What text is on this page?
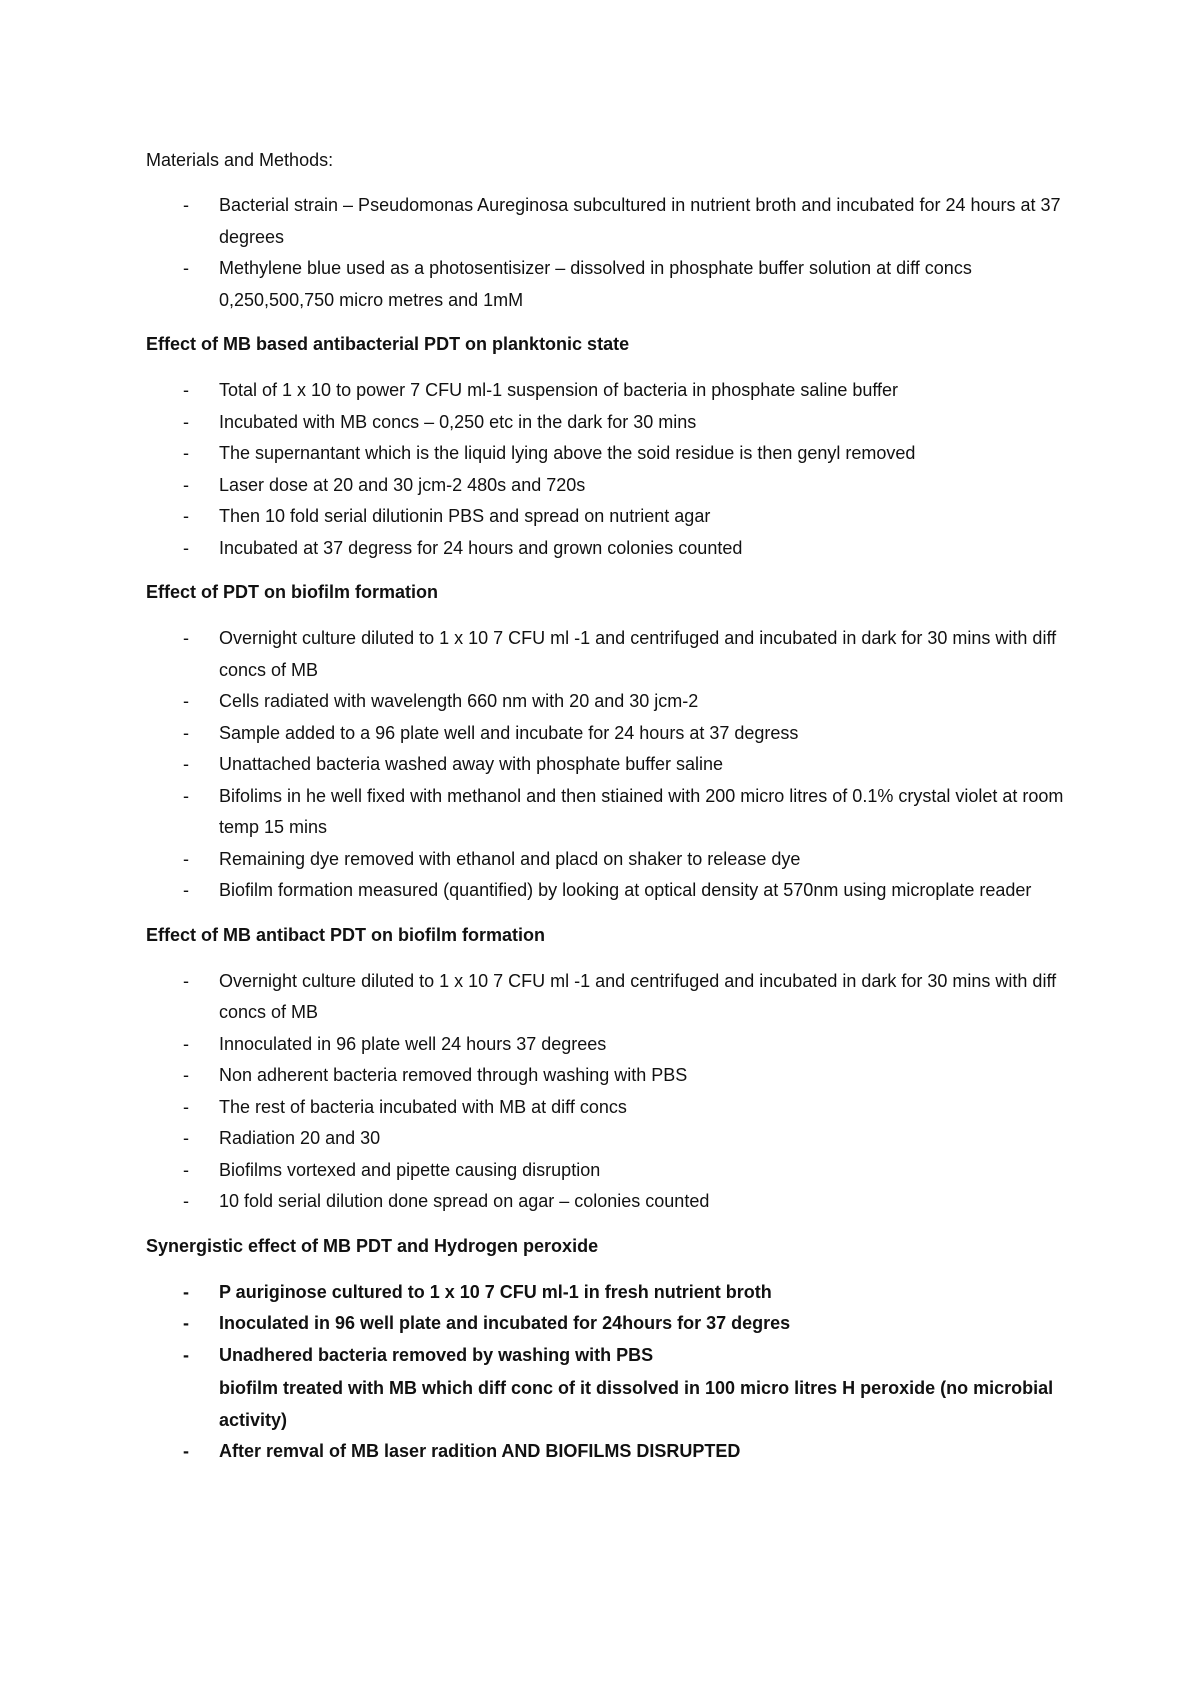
Materials and Methods:
- Bacterial strain – Pseudomonas Aureginosa subcultured in nutrient broth and incubated for 24 hours at 37 degrees
- Methylene blue used as a photosentisizer – dissolved in phosphate buffer solution at diff concs 0,250,500,750 micro metres and 1mM
Effect of MB based antibacterial PDT on planktonic state
- Total of 1 x 10 to power 7 CFU ml-1 suspension of bacteria in phosphate saline buffer
- Incubated with MB concs – 0,250 etc in the dark for 30 mins
- The supernantant which is the liquid lying above the soid residue is then genyl removed
- Laser dose at 20 and 30 jcm-2 480s and 720s
- Then 10 fold serial dilutionin PBS and spread on nutrient agar
- Incubated at 37 degress for 24 hours and grown colonies counted
Effect of PDT on biofilm formation
- Overnight culture diluted to 1 x 10 7 CFU ml -1 and centrifuged and incubated in dark for 30 mins with diff concs of MB
- Cells radiated with wavelength 660 nm with 20 and 30 jcm-2
- Sample added to a 96 plate well and incubate for 24 hours at 37 degress
- Unattached bacteria washed away with phosphate buffer saline
- Bifolims in he well fixed with methanol and then stiained with 200 micro litres of 0.1% crystal violet at room temp 15 mins
- Remaining dye removed with ethanol and placd on shaker to release dye
- Biofilm formation measured (quantified) by looking at optical density at 570nm using microplate reader
Effect of MB antibact PDT on biofilm formation
- Overnight culture diluted to 1 x 10 7 CFU ml -1 and centrifuged and incubated in dark for 30 mins with diff concs of MB
- Innoculated in 96 plate well 24 hours 37 degrees
- Non adherent bacteria removed through washing with PBS
- The rest of bacteria incubated with MB at diff concs
- Radiation 20 and 30
- Biofilms vortexed and pipette causing disruption
- 10 fold serial dilution done spread on agar – colonies counted
Synergistic effect of MB PDT and Hydrogen peroxide
- P auriginose cultured to 1 x 10 7 CFU ml-1 in fresh nutrient broth
- Inoculated in 96 well plate and incubated for 24hours for 37 degres
- Unadhered bacteria removed by washing with PBS
biofilm treated with MB which diff conc of it dissolved in 100 micro litres H peroxide (no microbial activity)
- After remval of MB laser radition AND BIOFILMS DISRUPTED
